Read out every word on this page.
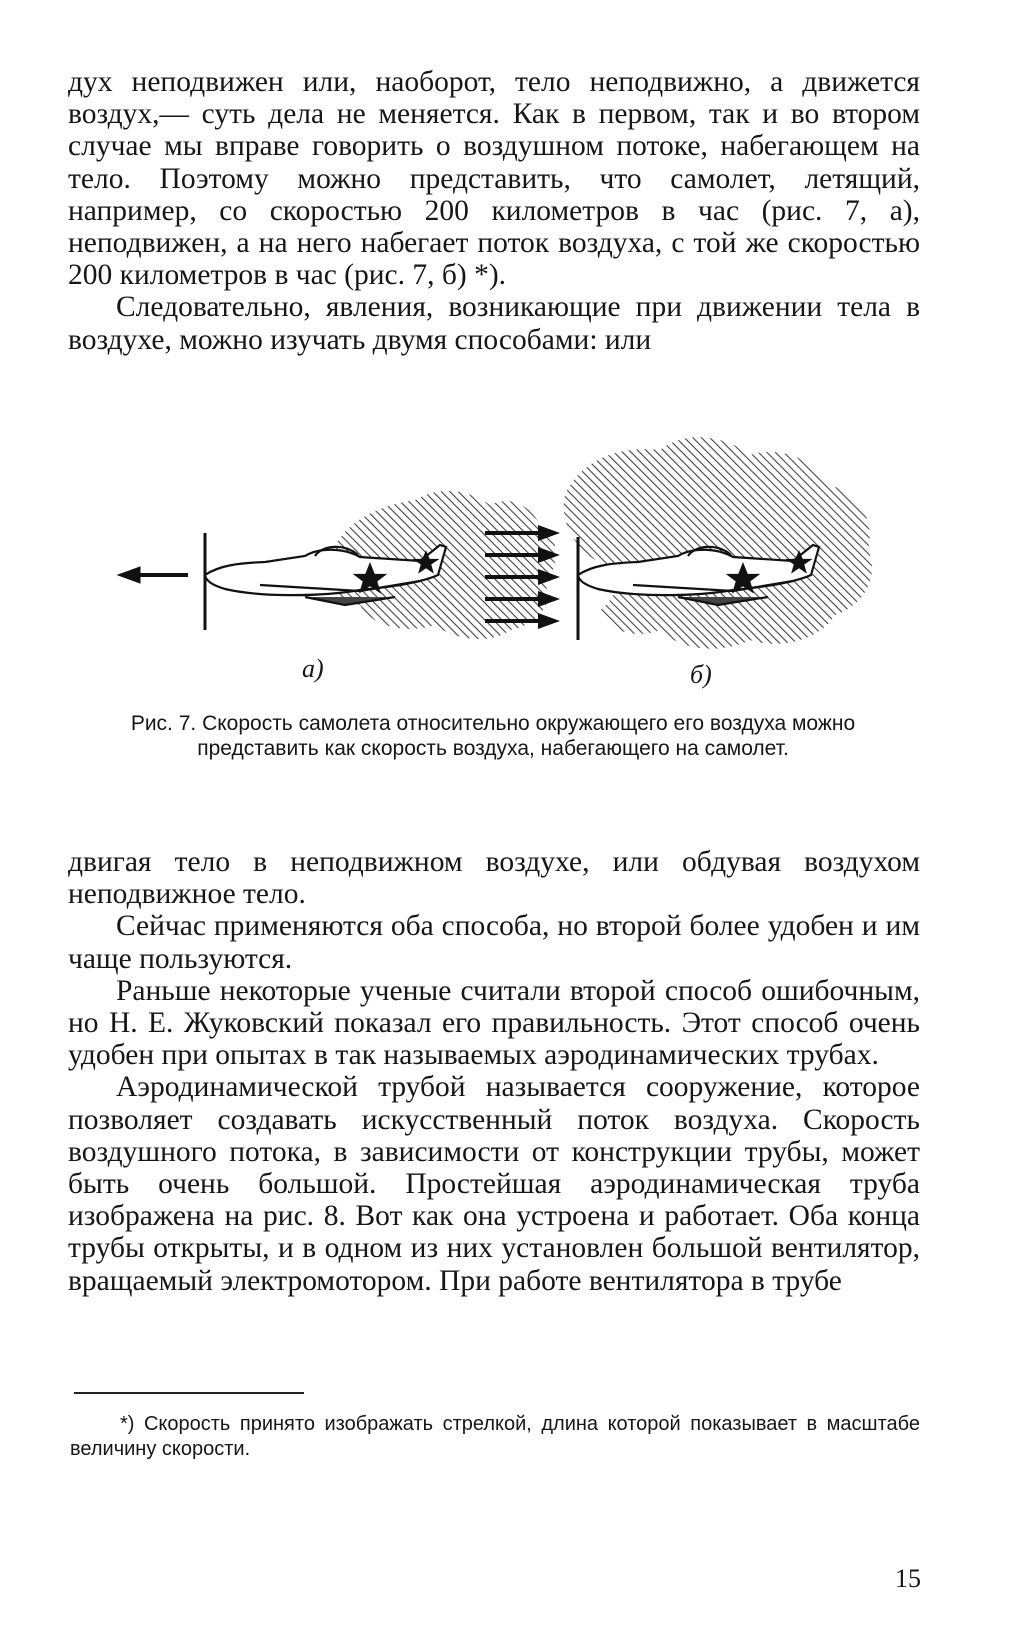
дух неподвижен или, наоборот, тело неподвижно, а движется воздух,— суть дела не меняется. Как в первом, так и во втором случае мы вправе говорить о воздушном потоке, набегающем на тело. Поэтому можно представить, что самолет, летящий, например, со скоростью 200 километров в час (рис. 7, а), неподвижен, а на него набегает поток воздуха, с той же скоростью 200 километров в час (рис. 7, б) *).

Следовательно, явления, возникающие при движении тела в воздухе, можно изучать двумя способами: или

а)	б)
Рис. 7. Скорость самолета относительно окружающего его воздуха можно представить как скорость воздуха, набегающего на самолет.

двигая тело в неподвижном воздухе, или обдувая воздухом неподвижное тело.

Сейчас применяются оба способа, но второй более удобен и им чаще пользуются.

Раньше некоторые ученые считали второй способ ошибочным, но Н. Е. Жуковский показал его правильность. Этот способ очень удобен при опытах в так называемых аэродинамических трубах.

Аэродинамической трубой называется сооружение, которое позволяет создавать искусственный поток воздуха. Скорость воздушного потока, в зависимости от конструкции трубы, может быть очень большой. Простейшая аэродинамическая труба изображена на рис. 8. Вот как она устроена и работает. Оба конца трубы открыты, и в одном из них установлен большой вентилятор, вращаемый электромотором. При работе вентилятора в трубе

*) Скорость принято изображать стрелкой, длина которой показывает в масштабе величину скорости.
15
